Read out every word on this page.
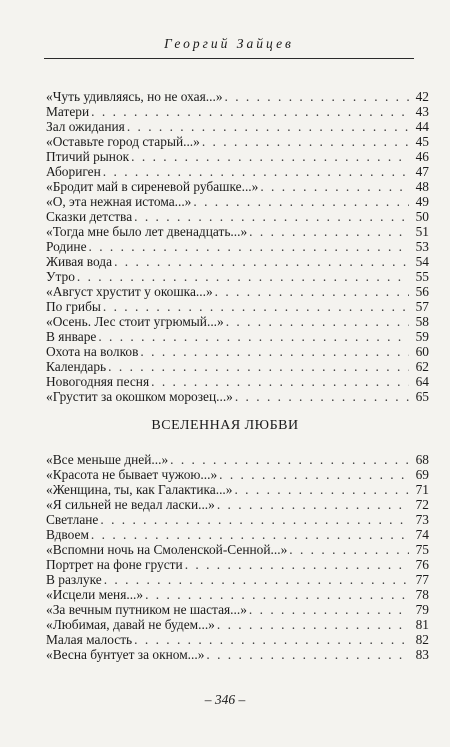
Георгий Зайцев
«Чуть удивляясь, но не охая...» . . .	42
Матери . . .	43
Зал ожидания . . .	44
«Оставьте город старый...» . . .	45
Птичий рынок . . .	46
Абориген . . .	47
«Бродит май в сиреневой рубашке...» . . .	48
«О, эта нежная истома...» . . .	49
Сказки детства . . .	50
«Тогда мне было лет двенадцать...» . . .	51
Родине . . .	53
Живая вода . . .	54
Утро . . .	55
«Август хрустит у окошка...» . . .	56
По грибы . . .	57
«Осень. Лес стоит угрюмый...» . . .	58
В январе . . .	59
Охота на волков . . .	60
Календарь . . .	62
Новогодняя песня . . .	64
«Грустит за окошком морозец...» . . .	65
ВСЕЛЕННАЯ ЛЮБВИ
«Все меньше дней...» . . .	68
«Красота не бывает чужою...» . . .	69
«Женщина, ты, как Галактика...» . . .	71
«Я сильней не ведал ласки...» . . .	72
Светлане . . .	73
Вдвоем . . .	74
«Вспомни ночь на Смоленской-Сенной...» . . .	75
Портрет на фоне грусти . . .	76
В разлуке . . .	77
«Исцели меня...» . . .	78
«За вечным путником не шастая...» . . .	79
«Любимая, давай не будем...» . . .	81
Малая малость . . .	82
«Весна бунтует за окном...» . . .	83
– 346 –
